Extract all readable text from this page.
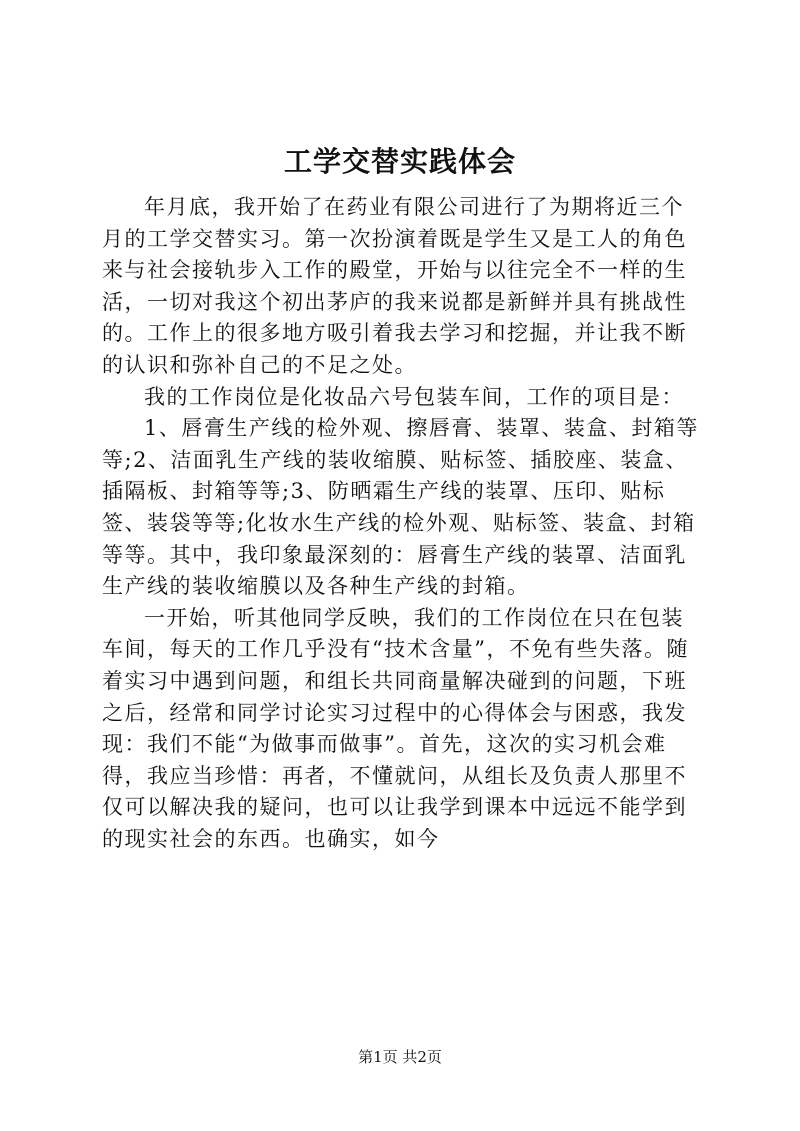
工学交替实践体会

年月底，我开始了在药业有限公司进行了为期将近三个月的工学交替实习。第一次扮演着既是学生又是工人的角色来与社会接轨步入工作的殿堂，开始与以往完全不一样的生活，一切对我这个初出茅庐的我来说都是新鲜并具有挑战性的。工作上的很多地方吸引着我去学习和挖掘，并让我不断的认识和弥补自己的不足之处。

我的工作岗位是化妆品六号包装车间，工作的项目是：

1、唇膏生产线的检外观、擦唇膏、装罩、装盒、封箱等等;2、洁面乳生产线的装收缩膜、贴标签、插胶座、装盒、插隔板、封箱等等;3、防晒霜生产线的装罩、压印、贴标签、装袋等等;化妆水生产线的检外观、贴标签、装盒、封箱等等。其中，我印象最深刻的：唇膏生产线的装罩、洁面乳生产线的装收缩膜以及各种生产线的封箱。

一开始，听其他同学反映，我们的工作岗位在只在包装车间，每天的工作几乎没有“技术含量”，不免有些失落。随着实习中遇到问题，和组长共同商量解决碰到的问题，下班之后，经常和同学讨论实习过程中的心得体会与困惑，我发现：我们不能“为做事而做事”。首先，这次的实习机会难得，我应当珍惜：再者，不懂就问，从组长及负责人那里不仅可以解决我的疑问，也可以让我学到课本中远远不能学到的现实社会的东西。也确实，如今

第1页 共2页
